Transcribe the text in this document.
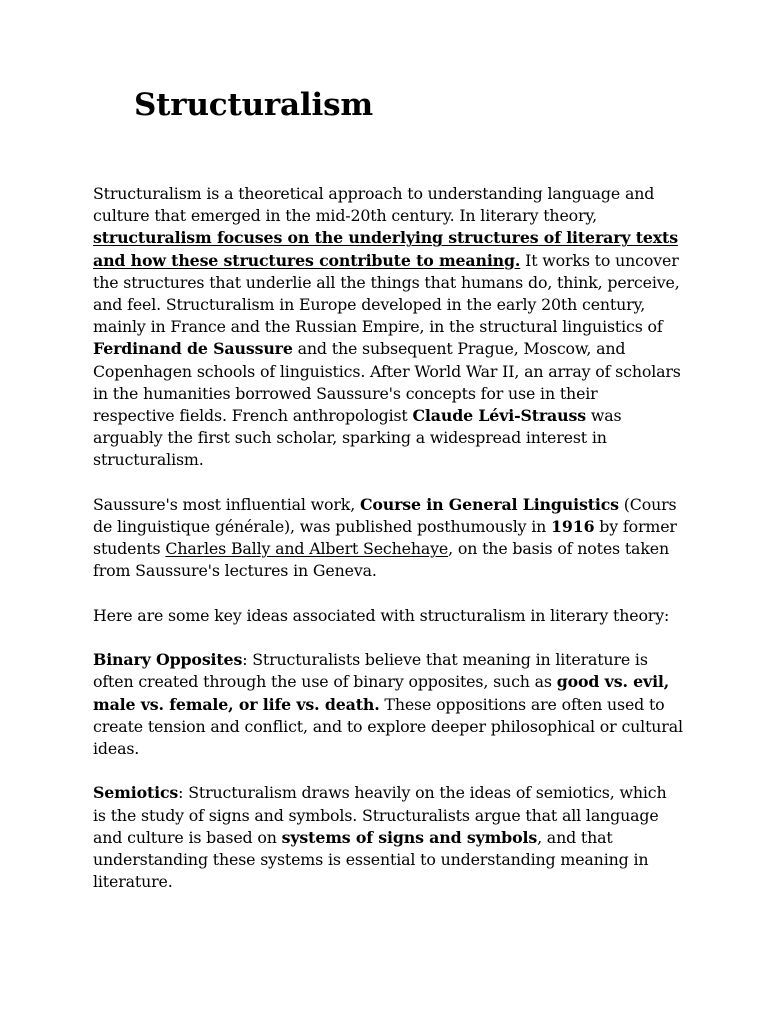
Structuralism

Structuralism is a theoretical approach to understanding language and culture that emerged in the mid-20th century. In literary theory, structuralism focuses on the underlying structures of literary texts and how these structures contribute to meaning. It works to uncover the structures that underlie all the things that humans do, think, perceive, and feel. Structuralism in Europe developed in the early 20th century, mainly in France and the Russian Empire, in the structural linguistics of Ferdinand de Saussure and the subsequent Prague, Moscow, and Copenhagen schools of linguistics. After World War II, an array of scholars in the humanities borrowed Saussure's concepts for use in their respective fields. French anthropologist Claude Lévi-Strauss was arguably the first such scholar, sparking a widespread interest in structuralism.

Saussure's most influential work, Course in General Linguistics (Cours de linguistique générale), was published posthumously in 1916 by former students Charles Bally and Albert Sechehaye, on the basis of notes taken from Saussure's lectures in Geneva.

Here are some key ideas associated with structuralism in literary theory:

Binary Opposites: Structuralists believe that meaning in literature is often created through the use of binary opposites, such as good vs. evil, male vs. female, or life vs. death. These oppositions are often used to create tension and conflict, and to explore deeper philosophical or cultural ideas.

Semiotics: Structuralism draws heavily on the ideas of semiotics, which is the study of signs and symbols. Structuralists argue that all language and culture is based on systems of signs and symbols, and that understanding these systems is essential to understanding meaning in literature.
